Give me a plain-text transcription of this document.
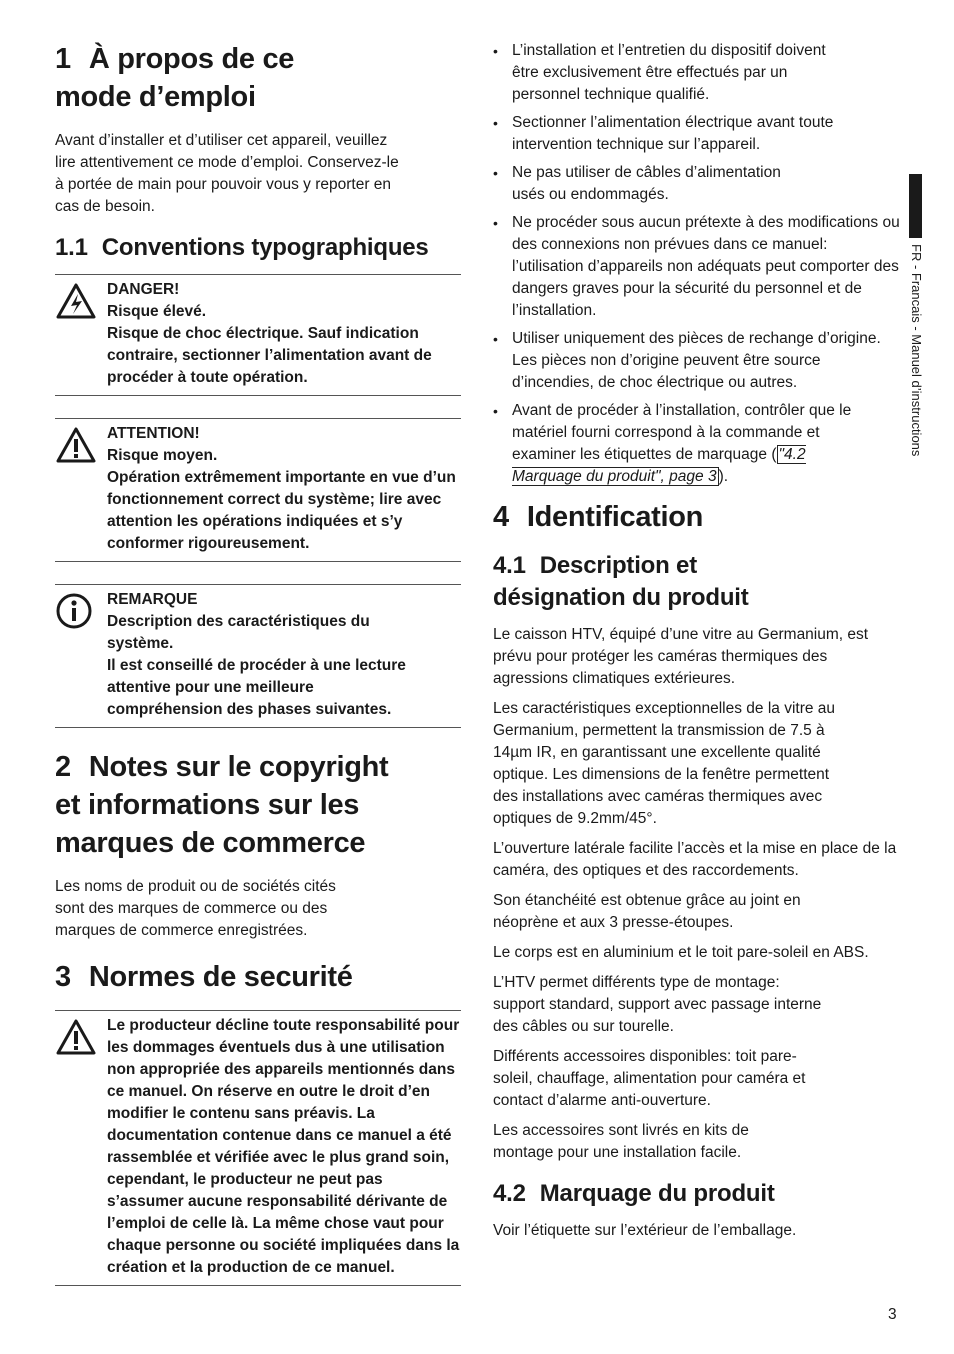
1 À propos de ce
mode d’emploi

Avant d’installer et d’utiliser cet appareil, veuillez lire attentivement ce mode d’emploi. Conservez-le à portée de main pour pouvoir vous y reporter en cas de besoin.

1.1 Conventions typographiques
DANGER!
Risque élevé.
Risque de choc électrique. Sauf indication contraire, sectionner l’alimentation avant de procéder à toute opération.
ATTENTION!
Risque moyen.
Opération extrêmement importante en vue d’un fonctionnement correct du système; lire avec attention les opérations indiquées et s’y conformer rigoureusement.
REMARQUE
Description des caractéristiques du système.
Il est conseillé de procéder à une lecture attentive pour une meilleure compréhension des phases suivantes.
2 Notes sur le copyright
et informations sur les
marques de commerce

Les noms de produit ou de sociétés cités sont des marques de commerce ou des marques de commerce enregistrées.

3 Normes de securité
Le producteur décline toute responsabilité pour les dommages éventuels dus à une utilisation non appropriée des appareils mentionnés dans ce manuel. On réserve en outre le droit d’en modifier le contenu sans préavis. La documentation contenue dans ce manuel a été rassemblée et vérifiée avec le plus grand soin, cependant, le producteur ne peut pas s’assumer aucune responsabilité dérivante de l’emploi de celle là. La même chose vaut pour chaque personne ou société impliquées dans la création et la production de ce manuel.
• L’installation et l’entretien du dispositif doivent être exclusivement être effectués par un personnel technique qualifié.
• Sectionner l’alimentation électrique avant toute intervention technique sur l’appareil.
• Ne pas utiliser de câbles d’alimentation usés ou endommagés.
• Ne procéder sous aucun prétexte à des modifications ou des connexions non prévues dans ce manuel: l’utilisation d’appareils non adéquats peut comporter des dangers graves pour la sécurité du personnel et de l’installation.
• Utiliser uniquement des pièces de rechange d’origine. Les pièces non d’origine peuvent être source d’incendies, de choc électrique ou autres.
• Avant de procéder à l’installation, contrôler que le matériel fourni correspond à la commande et examiner les étiquettes de marquage ( "4.2 Marquage du produit", page 3 ).
4 Identification
4.1 Description et
désignation du produit

Le caisson HTV, équipé d’une vitre au Germanium, est prévu pour protéger les caméras thermiques des agressions climatiques extérieures.

Les caractéristiques exceptionnelles de la vitre au Germanium, permettent la transmission de 7.5 à 14µm IR, en garantissant une excellente qualité optique. Les dimensions de la fenêtre permettent des installations avec caméras thermiques avec optiques de 9.2mm/45°.

L’ouverture latérale facilite l’accès et la mise en place de la caméra, des optiques et des raccordements.

Son étanchéité est obtenue grâce au joint en néoprène et aux 3 presse-étoupes.

Le corps est en aluminium et le toit pare-soleil en ABS.

L’HTV permet différents type de montage: support standard, support avec passage interne des câbles ou sur tourelle.

Différents accessoires disponibles: toit pare-soleil, chauffage, alimentation pour caméra et contact d’alarme anti-ouverture.

Les accessoires sont livrés en kits de montage pour une installation facile.

4.2 Marquage du produit

Voir l’étiquette sur l’extérieur de l’emballage.

FR - Francais - Manuel d’instructions
3
